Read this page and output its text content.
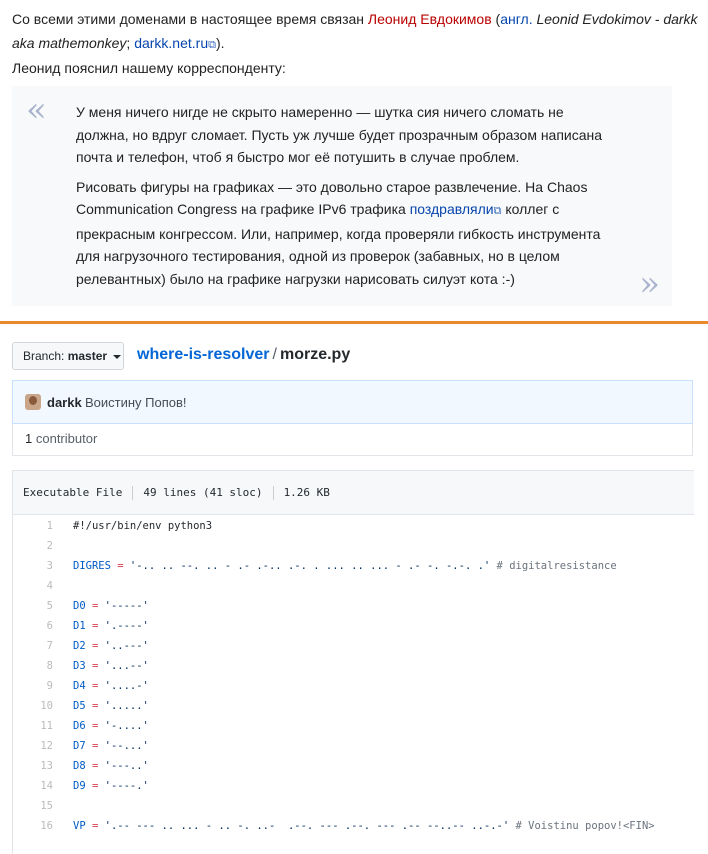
Со всеми этими доменами в настоящее время связан Леонид Евдокимов (англ. Leonid Evdokimov - darkk aka mathemonkey; darkk.net.ru⧉).
Леонид пояснил нашему корреспонденту:
« У меня ничего нигде не скрыто намеренно — шутка сия ничего сломать не должна, но вдруг сломает. Пусть уж лучше будет прозрачным образом написана почта и телефон, чтоб я быстро мог её потушить в случае проблем.

Рисовать фигуры на графиках — это довольно старое развлечение. На Chaos Communication Congress на графике IPv6 трафика поздравляли⧉ коллег с прекрасным конгрессом. Или, например, когда проверяли гибкость инструмента для нагрузочного тестирования, одной из проверок (забавных, но в целом релевантных) было на графике нагрузки нарисовать силуэт кота :-)	»
Branch: master	where-is-resolver / morze.py
darkk Воистину Попов!
1 contributor
Executable File 49 lines (41 sloc) 1.26 KB
1 #!/usr/bin/env python3
2
3 DIGRES = '-.. .. --. .. - .- .-.. .-. . ... .. ... - .- -. -.-. .' # digitalresistance
4
5 D0 = '-----'
6 D1 = '.----'
7 D2 = '..---'
8 D3 = '...--'
9 D4 = '....-'
10 D5 = '.....'
11 D6 = '-....'
12 D7 = '--...'
13 D8 = '---..'
14 D9 = '----.'
15
16 VP = '.-- --- .. ... - .. -. ..-  .--. --- .--. --- .-- --..-- ..-.-' # Voistinu popov!<FIN>
